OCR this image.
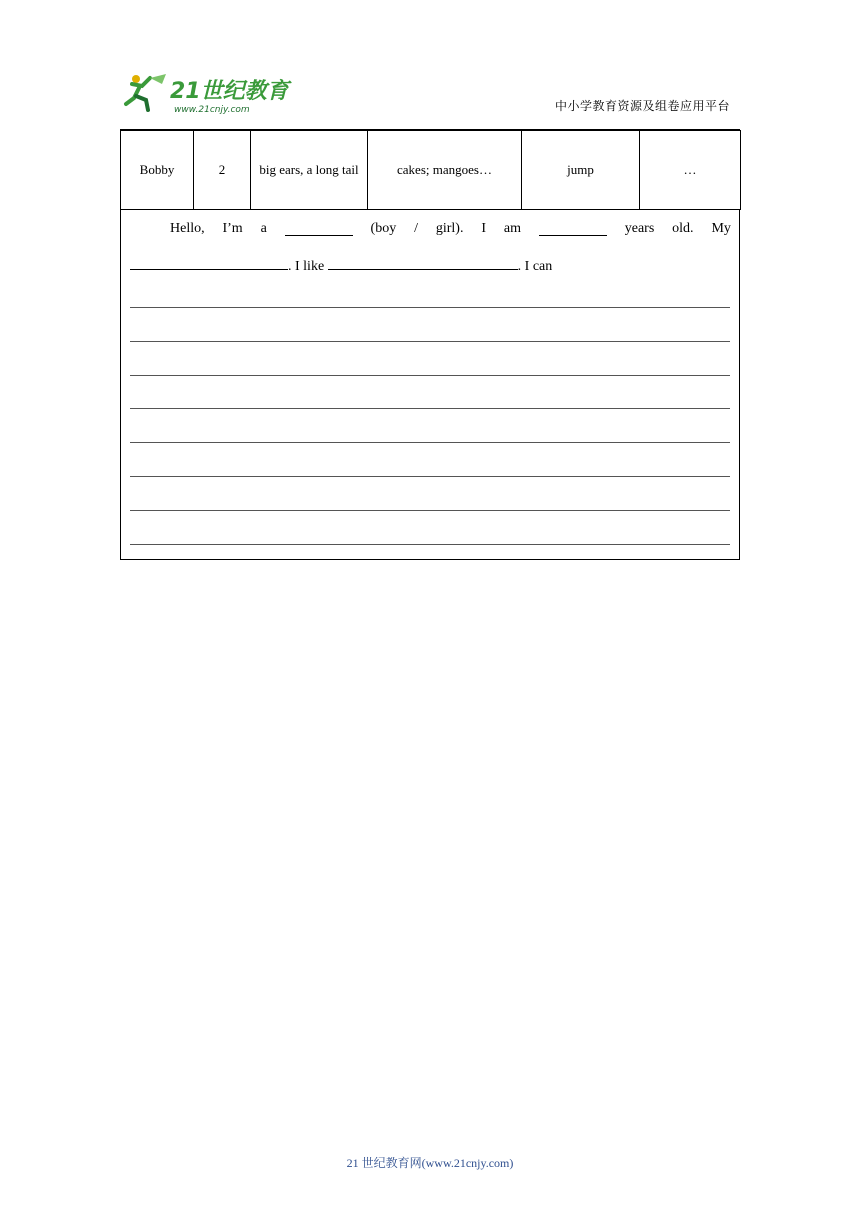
21世纪教育
www.21cnjy.com	中小学教育资源及组卷应用平台
Bobby	2	big ears, a long tail	cakes; mangoes…	jump	…
Hello, I’m a	(boy / girl). I am	years old. My
. I like	. I can
21 世纪教育网(www.21cnjy.com)
